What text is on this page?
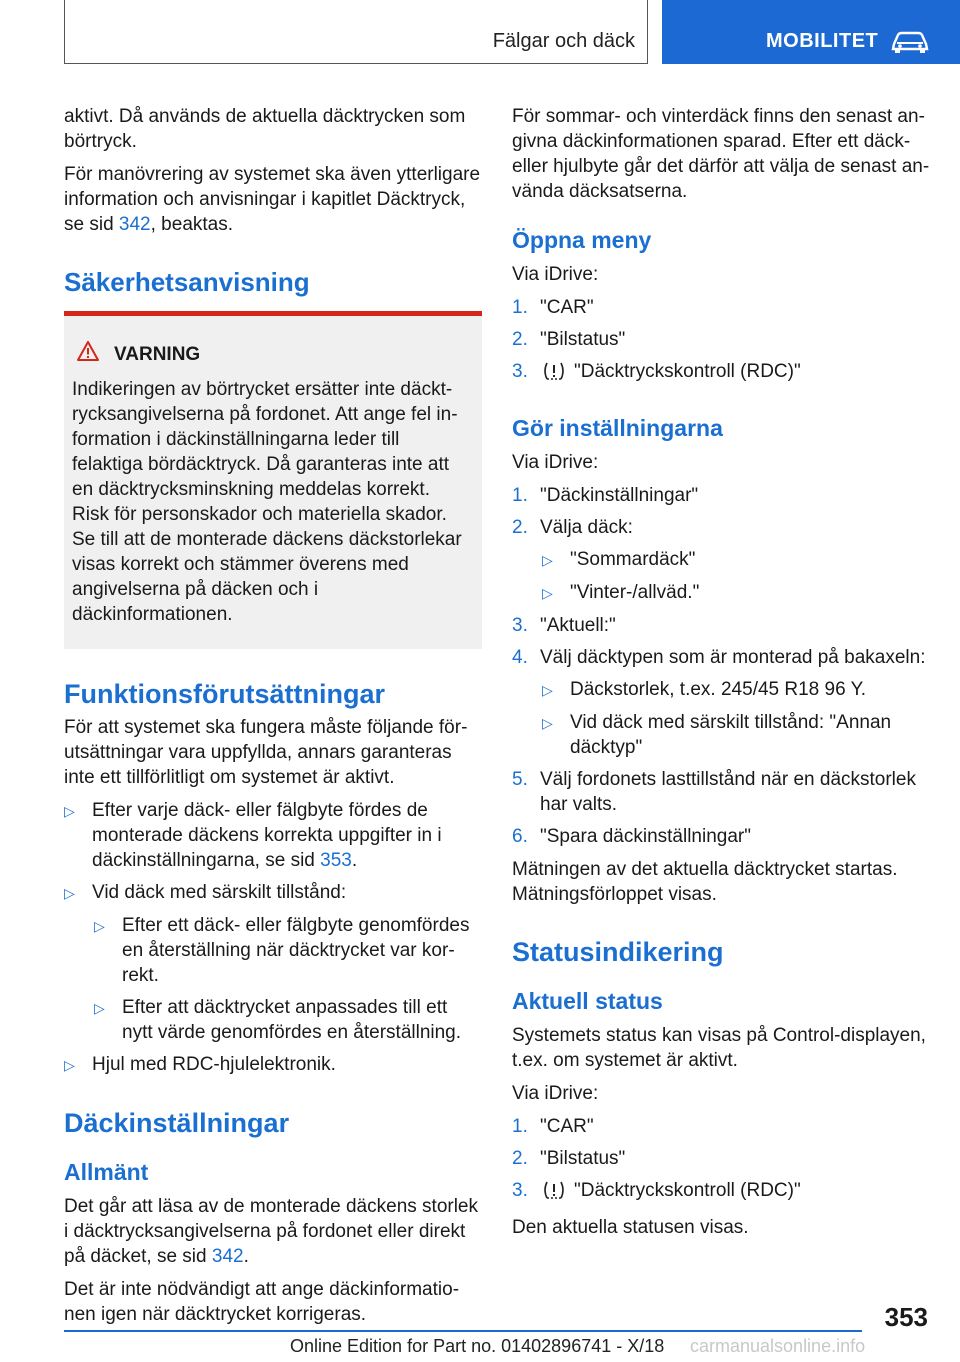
Fälgar och däck	MOBILITET

aktivt. Då används de aktuella däcktrycken som börtryck.

För manövrering av systemet ska även ytterligare information och anvisningar i kapitlet Däcktryck, se sid 342, beaktas.

Säkerhetsanvisning
VARNING
Indikeringen av börtrycket ersätter inte däcktrycksangivelserna på fordonet. Att ange fel information i däckinställningarna leder till felaktiga bördäcktryck. Då garanteras inte att en däcktrycksminskning meddelas korrekt. Risk för personskador och materiella skador. Se till att de monterade däckens däckstorlekar visas korrekt och stämmer överens med angivelserna på däcken och i däckinformationen.
Funktionsförutsättningar

För att systemet ska fungera måste följande förutsättningar vara uppfyllda, annars garanteras inte ett tillförlitligt om systemet är aktivt.

▷ Efter varje däck- eller fälgbyte fördes de monterade däckens korrekta uppgifter in i däckinställningarna, se sid 353.
▷ Vid däck med särskilt tillstånd:
▷ Efter ett däck- eller fälgbyte genomfördes en återställning när däcktrycket var korrekt.
▷ Efter att däcktrycket anpassades till ett nytt värde genomfördes en återställning.
▷ Hjul med RDC-hjulelektronik.
Däckinställningar
Allmänt

Det går att läsa av de monterade däckens storlek i däcktrycksangivelserna på fordonet eller direkt på däcket, se sid 342.

Det är inte nödvändigt att ange däckinformationen igen när däcktrycket korrigeras.

För sommar- och vinterdäck finns den senast angivna däckinformationen sparad. Efter ett däck- eller hjulbyte går det därför att välja de senast använda däcksatserna.

Öppna meny

Via iDrive:

1. "CAR"
2. "Bilstatus"
3.	"Däcktryckskontroll (RDC)"
Gör inställningarna

Via iDrive:

1. "Däckinställningar"
2. Välja däck:
▷ "Sommardäck"
▷ "Vinter-/allväd."
3. "Aktuell:"
4. Välj däcktypen som är monterad på bakaxeln:
▷ Däckstorlek, t.ex. 245/45 R18 96 Y.
▷ Vid däck med särskilt tillstånd: "Annan däcktyp"
5. Välj fordonets lasttillstånd när en däckstorlek har valts.
6. "Spara däckinställningar"

Mätningen av det aktuella däcktrycket startas. Mätningsförloppet visas.

Statusindikering
Aktuell status

Systemets status kan visas på Control-displayen, t.ex. om systemet är aktivt.

Via iDrive:

1. "CAR"
2. "Bilstatus"
3.	"Däcktryckskontroll (RDC)"

Den aktuella statusen visas.

353
Online Edition for Part no. 01402896741 - X/18 carmanualsonline.info
